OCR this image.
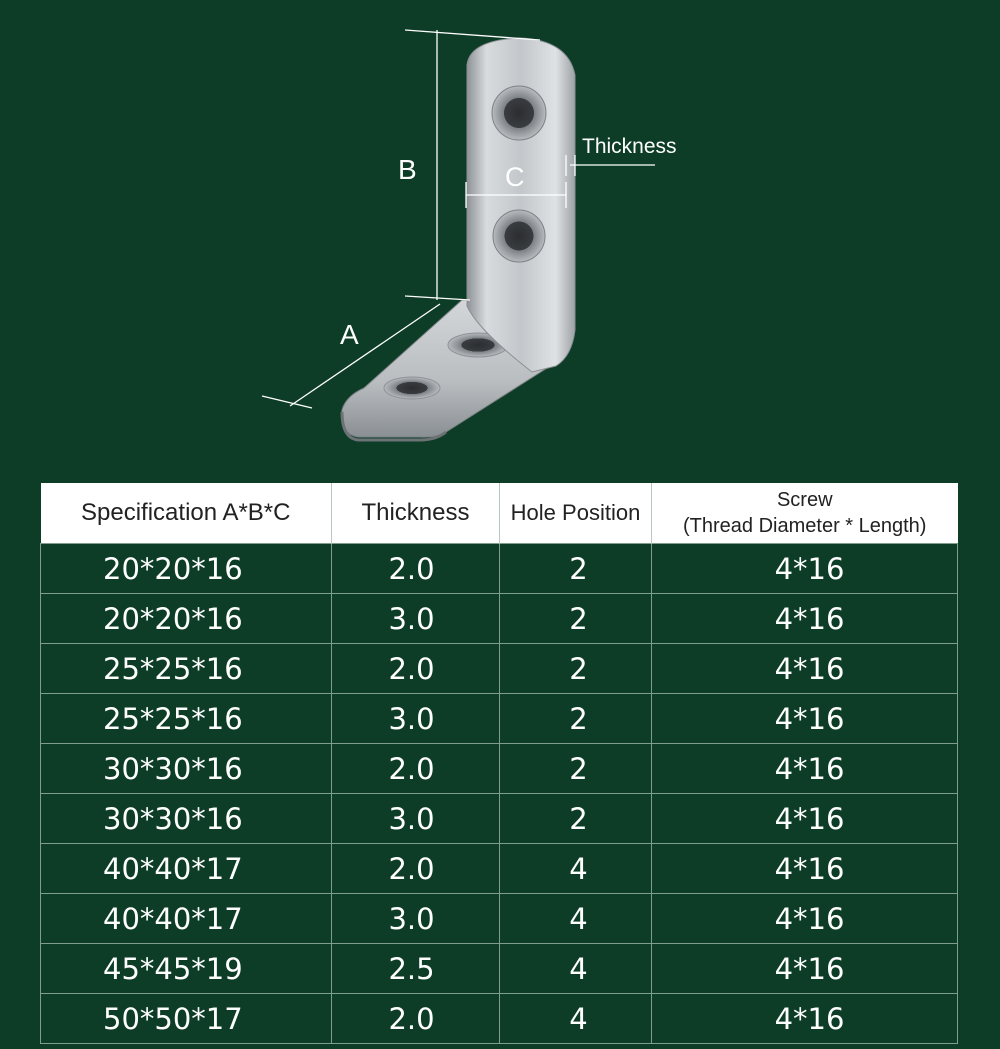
B	C
Thickness
A
Specification A*B*C	Thickness	Hole Position	Screw
(Thread Diameter * Length)

20*20*16	2.0	2	4*16
20*20*16	3.0	2	4*16
25*25*16	2.0	2	4*16
25*25*16	3.0	2	4*16
30*30*16	2.0	2	4*16
30*30*16	3.0	2	4*16
40*40*17	2.0	4	4*16
40*40*17	3.0	4	4*16
45*45*19	2.5	4	4*16
50*50*17	2.0	4	4*16
